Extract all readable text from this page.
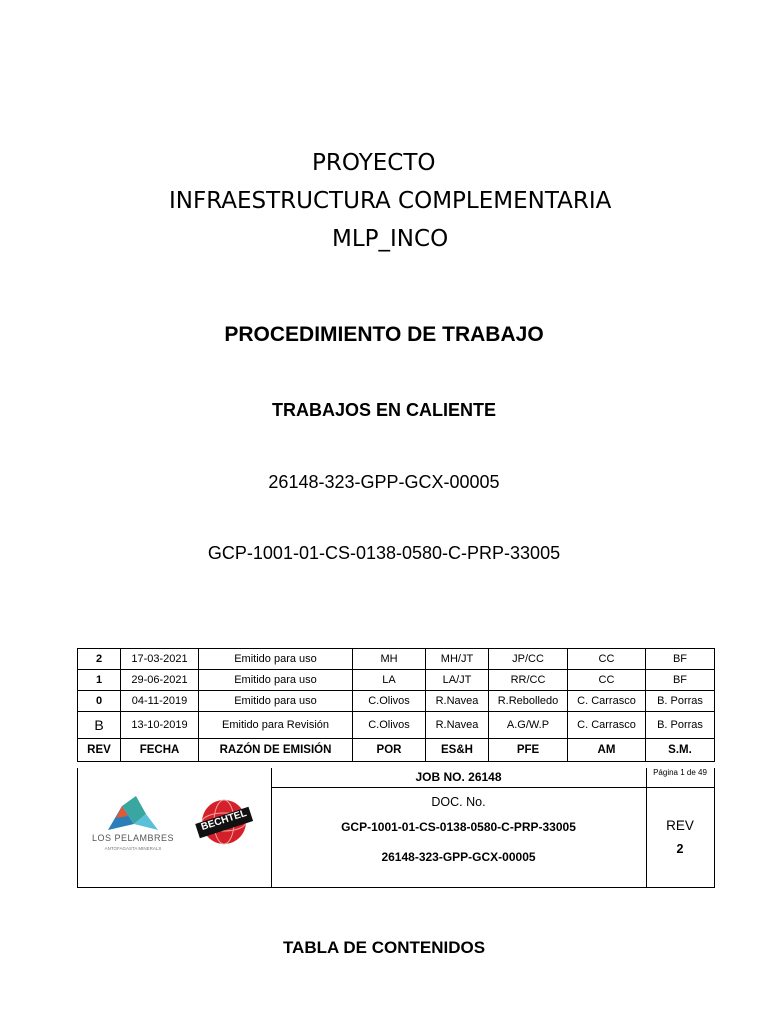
PROYECTO
INFRAESTRUCTURA COMPLEMENTARIA
MLP_INCO
PROCEDIMIENTO DE TRABAJO
TRABAJOS EN CALIENTE
26148-323-GPP-GCX-00005
GCP-1001-01-CS-0138-0580-C-PRP-33005
2	17-03-2021	Emitido para uso	MH	MH/JT	JP/CC	CC	BF
1	29-06-2021	Emitido para uso	LA	LA/JT	RR/CC	CC	BF
0	04-11-2019	Emitido para uso	C.Olivos	R.Navea	R.Rebolledo	C. Carrasco	B. Porras
B	13-10-2019	Emitido para Revisión	C.Olivos	R.Navea	A.G/W.P	C. Carrasco	B. Porras
REV	FECHA	RAZÓN DE EMISIÓN	POR	ES&H	PFE	AM	S.M.
LOS PELAMBRES
ANTOFAGASTA MINERALS
BECHTEL
JOB NO. 26148	Página 1 de 49
DOC. No.
GCP-1001-01-CS-0138-0580-C-PRP-33005
26148-323-GPP-GCX-00005
REV
2
TABLA DE CONTENIDOS
